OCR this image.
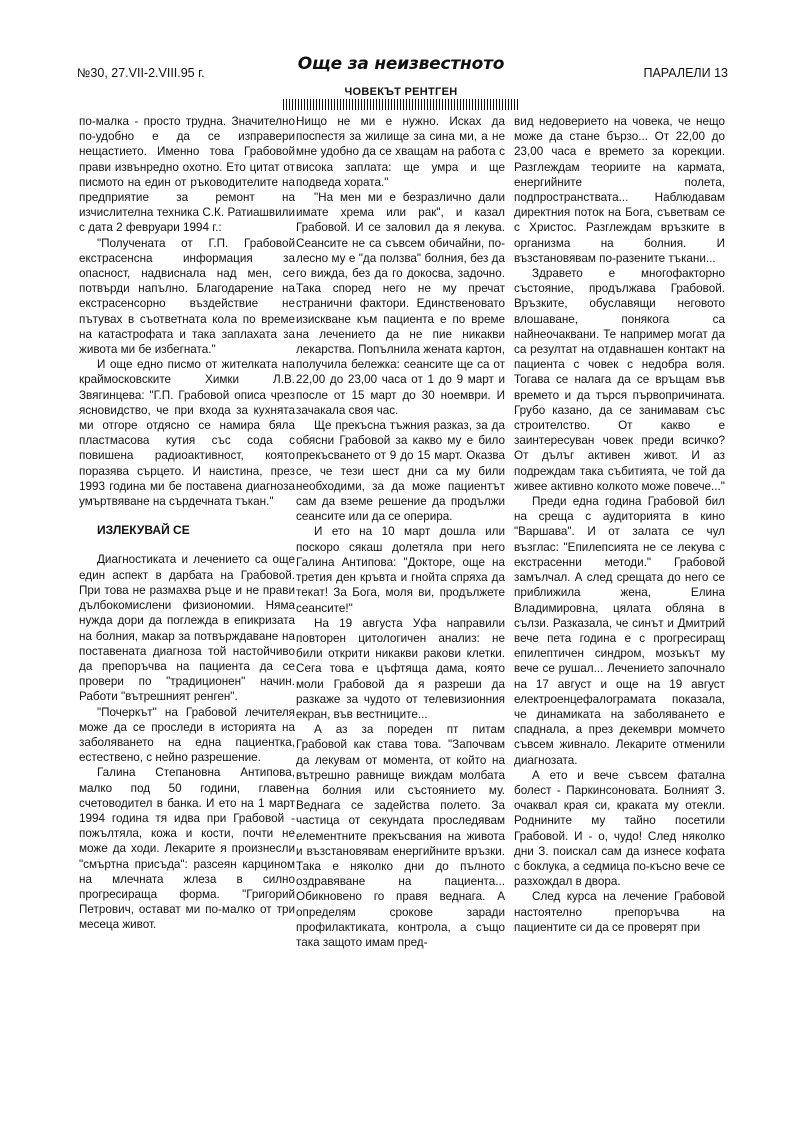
№30, 27.VII-2.VIII.95 г.	Още за неизвестното	ПАРАЛЕЛИ 13
ЧОВЕКЪТ РЕНТГЕН

по-малка - просто трудна. Значително по-удобно е да се изправери нещастието. Именно това Грабовой прави извънредно охотно. Ето цитат от писмото на един от ръководителите на предприятие за ремонт на изчислителна техника С.К. Ратиашвили с дата 2 февруари 1994 г.:

"Получената от Г.П. Грабовой екстрасенсна информация за опасност, надвиснала над мен, се потвърди напълно. Благодарение на екстрасенсорно въздействие не пътувах в съответната кола по време на катастрофата и така заплахата за живота ми бе избегната."

И още едно писмо от жителката на краймосковските Химки Л.В. Звягинцева: "Г.П. Грабовой описа чрез ясновидство, че при входа за кухнята ми отгоре отдясно се намира бяла пластмасова кутия със сода с повишена радиоактивност, която поразява сърцето. И наистина, през 1993 година ми бе поставена диагноза умъртвяване на сърдечната тъкан."

ИЗЛЕКУВАЙ СЕ

Диагностиката и лечението са още един аспект в дарбата на Грабовой. При това не размахва ръце и не прави дълбокомислени физиономии. Няма нужда дори да поглежда в епикризата на болния, макар за потвърждаване на поставената диагноза той настойчиво да препоръчва на пациента да се провери по "традиционен" начин. Работи "вътрешният ренген".

"Почеркът" на Грабовой лечителя може да се проследи в историята на заболяването на една пациентка, естествено, с нейно разрешение.

Галина Степановна Антипова, малко под 50 години, главен счетоводител в банка. И ето на 1 март 1994 година тя идва при Грабовой - пожълтяла, кожа и кости, почти не може да ходи. Лекарите я произнесли "смъртна присъда": разсеян карцином на млечната жлеза в силно прогресираща форма. "Григорий Петрович, остават ми по-малко от три месеца живот.

Нищо не ми е нужно. Исках да поспестя за жилище за сина ми, а не мне удобно да се хващам на работа с висока заплата: ще умра и ще подведа хората."

"На мен ми е безразлично дали имате хрема или рак", и казал Грабовой. И се заловил да я лекува. Сеансите не са съвсем обичайни, по-лесно му е "да ползва" болния, без да го вижда, без да го докосва, задочно. Така според него не му пречат странични фактори. Единственовато изискване към пациента е по време на лечението да не пие никакви лекарства. Попълнила жената картон, получила бележка: сеансите ще са от 22,00 до 23,00 часа от 1 до 9 март и после от 15 март до 30 ноември. И зачакала своя час.

Ще прекъсна тъжния разказ, за да обясни Грабовой за какво му е било прекъсването от 9 до 15 март. Оказва се, че тези шест дни са му били необходими, за да може пациентът сам да вземе решение да продължи сеансите или да се оперира.

И ето на 10 март дошла или поскоро сякаш долетяла при него Галина Антипова: "Докторе, още на третия ден кръвта и гнойта спряха да текат! За Бога, моля ви, продължете сеансите!"

На 19 августа Уфа направили повторен цитологичен анализ: не били открити никакви ракови клетки. Сега това е цъфтяща дама, която моли Грабовой да я разреши да разкаже за чудото от телевизионния екран, във вестниците...

А аз за пореден пт питам Грабовой как става това. "Започвам да лекувам от момента, от който на вътрешно равнище виждам молбата на болния или състоянието му. Веднага се задейства полето. За частица от секундата проследявам елементните прекъсвания на живота и възстановявам енергийните връзки. Така е няколко дни до пълното оздравяване на пациента... Обикновено го правя веднага. А определям срокове заради профилактиката, контрола, а също така защото имам пред-

вид недоверието на човека, че нещо може да стане бързо... От 22,00 до 23,00 часа е времето за корекции. Разглеждам теориите на кармата, енергийните полета, подпространствата... Наблюдавам директния поток на Бога, съветвам се с Христос. Разглеждам връзките в организма на болния. И възстановявам по-разените тъкани...

Здравето е многофакторно състояние, продължава Грабовой. Връзките, обуславящи неговото влошаване, понякога са найнеочаквани. Те например могат да са резултат на отдавнашен контакт на пациента с човек с недобра воля. Тогава се налага да се връщам във времето и да търся първопричината. Грубо казано, да се занимавам със строителство. От какво е заинтересуван човек преди всичко? От дълъг активен живот. И аз подреждам така събитията, че той да живее активно колкото може повече..."

Преди една година Грабовой бил на среща с аудиторията в кино "Варшава". И от залата се чул възглас: "Епилепсията не се лекува с екстрасенни методи." Грабовой замълчал. А след срещата до него се приближила жена, Елина Владимировна, цялата обляна в сълзи. Разказала, че синът и Дмитрий вече пета година е с прогресиращ епилептичен синдром, мозъкът му вече се рушал... Лечението започнало на 17 август и още на 19 август електроенцефалограмата показала, че динамиката на заболяването е спаднала, а през декември момчето съвсем живнало. Лекарите отменили диагнозата.

А ето и вече съвсем фатална болест - Паркинсоновата. Болният З. очаквал края си, краката му отекли. Роднините му тайно посетили Грабовой. И - о, чудо! След няколко дни З. поискал сам да изнесе кофата с боклука, а седмица по-късно вече се разхождал в двора.

След курса на лечение Грабовой настоятелно препоръчва на пациентите си да се проверят при
